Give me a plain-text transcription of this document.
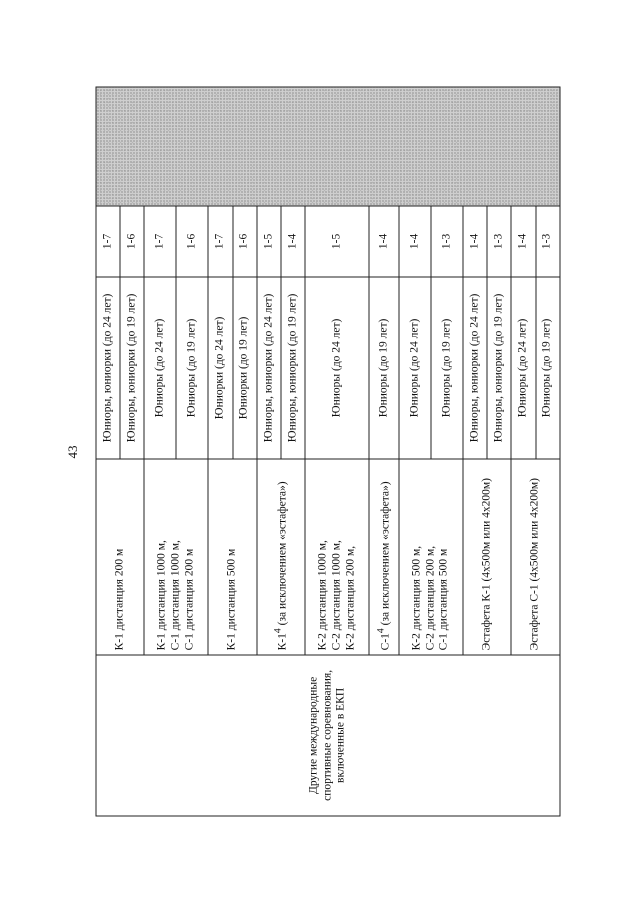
43
Другие международные спортивные соревнования, включенные в ЕКП	К-1 дистанция 200 м	Юниоры, юниорки (до 24 лет)	1-7	

		Юниоры, юниорки (до 19 лет)	1-6	

	К-1 дистанция 1000 м, С-1 дистанция 1000 м, С-1 дистанция 200 м	Юниоры (до 24 лет)	1-7	
		Юниоры (до 19 лет)	1-6	
	К-1 дистанция 500 м	Юниорки (до 24 лет)	1-7	
		Юниорки (до 19 лет)	1-6	
	$К-1^4$ (за исключением «эстафета»)	Юниоры, юниорки (до 24 лет)	1-5	
		Юниоры, юниорки (до 19 лет)	1-4	

	К-2 дистанция 1000 м, С-2 дистанция 1000 м, К-2 дистанция 200 м,	Юниоры (до 24 лет)	1-5	
	$С-1^4$ (за исключением «эстафета»)	Юниоры (до 19 лет)	1-4	

	К-2 дистанция 500 м, С-2 дистанция 200 м, С-1 дистанция 500 м	Юниоры (до 24 лет)	1-4	
		Юниоры (до 19 лет)	1-3	
	Эстафета К-1 (4х500м или 4х200м)	Юниоры, юниорки (до 24 лет)	1-4	
		Юниоры, юниорки (до 19 лет)	1-3	
	Эстафета С-1 (4х500м или 4х200м)	Юниоры (до 24 лет)	1-4	
		Юниоры (до 19 лет)	1-3	
